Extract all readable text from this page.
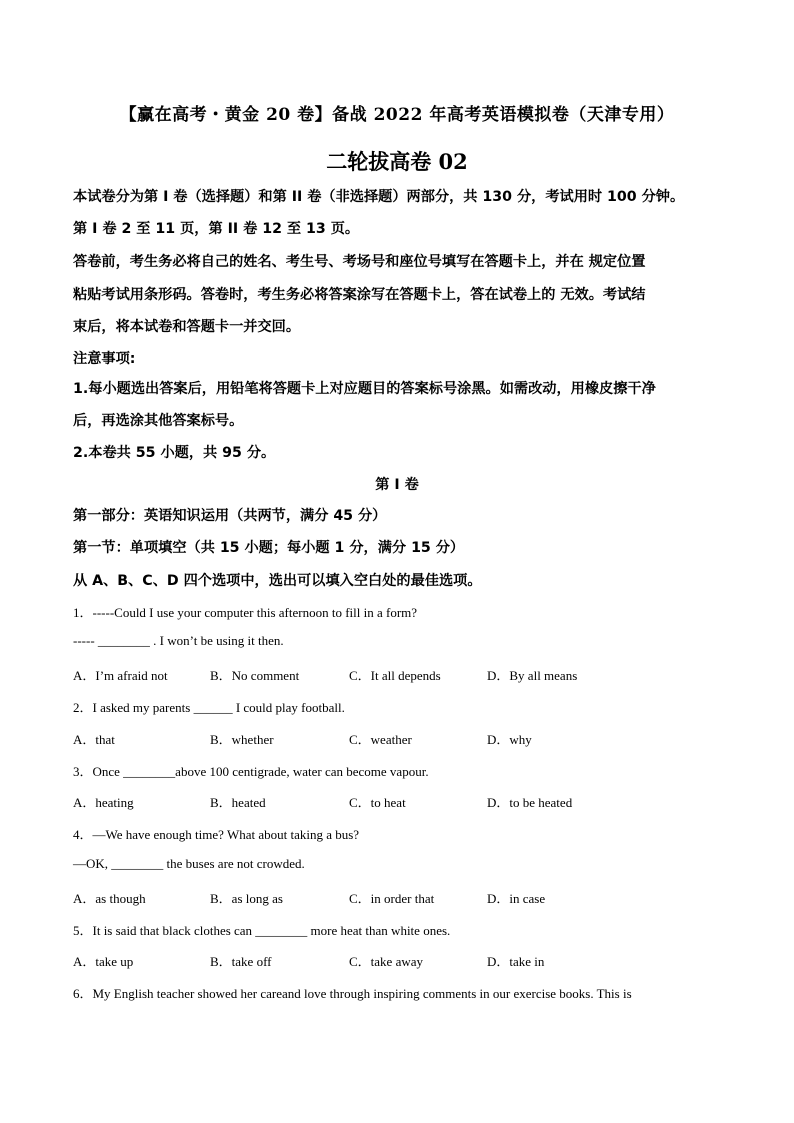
【赢在高考・黄金 20 卷】备战 2022 年高考英语模拟卷（天津专用）
二轮拔高卷 02
本试卷分为第 I 卷（选择题）和第 II 卷（非选择题）两部分，共 130 分，考试用时 100 分钟。
第 I 卷 2 至 11 页，第 II 卷 12 至 13 页。
答卷前，考生务必将自己的姓名、考生号、考场号和座位号填写在答题卡上，并在 规定位置
粘贴考试用条形码。答卷时，考生务必将答案涂写在答题卡上，答在试卷上的 无效。考试结
束后，将本试卷和答题卡一并交回。
注意事项:
1.每小题选出答案后，用铅笔将答题卡上对应题目的答案标号涂黑。如需改动，用橡皮擦干净
后，再选涂其他答案标号。
2.本卷共 55 小题，共 95 分。
第 I 卷
第一部分：英语知识运用（共两节，满分 45 分）
第一节：单项填空（共 15 小题；每小题 1 分，满分 15 分）
从 A、B、C、D 四个选项中，选出可以填入空白处的最佳选项。
1．-----Could I use your computer this afternoon to fill in a form?
----- ________ . I won’t be using it then.
A．I’m afraid not	B．No comment	C．It all depends	D．By all means
2．I asked my parents ______ I could play football.
A．that	B．whether	C．weather	D．why
3．Once ________above 100 centigrade, water can become vapour.
A．heating	B．heated	C．to heat	D．to be heated
4．—We have enough time? What about taking a bus?
—OK, ________ the buses are not crowded.
A．as though	B．as long as	C．in order that	D．in case
5．It is said that black clothes can ________ more heat than white ones.
A．take up	B．take off	C．take away	D．take in
6．My English teacher showed her careand love through inspiring comments in our exercise books. This is
